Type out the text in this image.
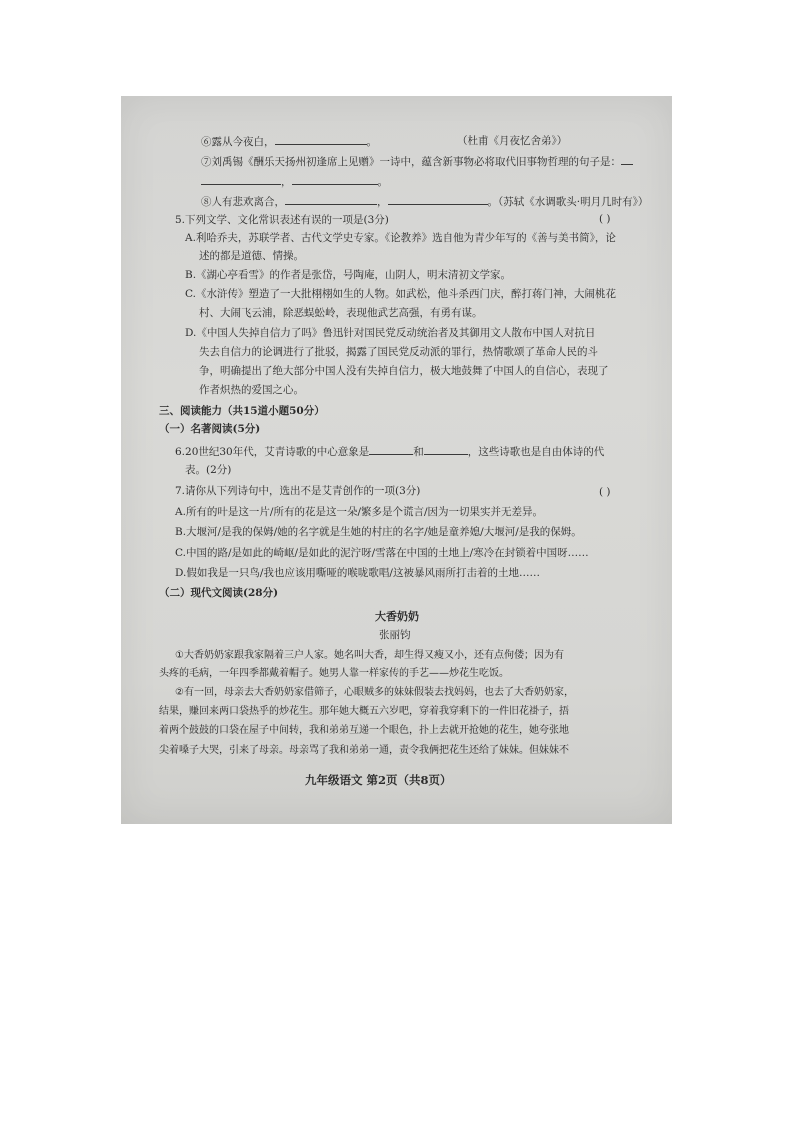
⑥露从今夜白，	。	（杜甫《月夜忆舍弟》）
⑦刘禹锡《酬乐天扬州初逢席上见赠》一诗中，蕴含新事物必将取代旧事物哲理的句子是：
，	。
⑧人有悲欢离合，	，	。（苏轼《水调歌头·明月几时有》）
5.下列文学、文化常识表述有误的一项是(3分)	( )
A.利哈乔夫，苏联学者、古代文学史专家。《论教养》选自他为青少年写的《善与美书简》，论
述的都是道德、情操。
B.《湖心亭看雪》的作者是张岱，号陶庵，山阴人，明末清初文学家。
C.《水浒传》塑造了一大批栩栩如生的人物。如武松，他斗杀西门庆，醉打蒋门神，大闹桃花
村、大闹飞云浦，除恶蜈蚣岭，表现他武艺高强，有勇有谋。
D.《中国人失掉自信力了吗》鲁迅针对国民党反动统治者及其御用文人散布中国人对抗日
失去自信力的论调进行了批驳，揭露了国民党反动派的罪行，热情歌颂了革命人民的斗
争，明确提出了绝大部分中国人没有失掉自信力，极大地鼓舞了中国人的自信心，表现了
作者炽热的爱国之心。
三、阅读能力（共15道小题50分）
（一）名著阅读(5分)
6.20世纪30年代，艾青诗歌的中心意象是	和	，这些诗歌也是自由体诗的代
表。(2分)
7.请你从下列诗句中，选出不是艾青创作的一项(3分)	( )
A.所有的叶是这一片/所有的花是这一朵/繁多是个谎言/因为一切果实并无差异。
B.大堰河/是我的保姆/她的名字就是生她的村庄的名字/她是童养媳/大堰河/是我的保姆。
C.中国的路/是如此的崎岖/是如此的泥泞呀/雪落在中国的土地上/寒冷在封锁着中国呀……
D.假如我是一只鸟/我也应该用嘶哑的喉咙歌唱/这被暴风雨所打击着的土地……
（二）现代文阅读(28分)
大香奶奶
张丽钧
①大香奶奶家跟我家隔着三户人家。她名叫大香，却生得又瘦又小，还有点佝偻；因为有
头疼的毛病，一年四季都戴着帽子。她男人靠一样家传的手艺——炒花生吃饭。
②有一回，母亲去大香奶奶家借筛子，心眼贼多的妹妹假装去找妈妈，也去了大香奶奶家，
结果，赚回来两口袋热乎的炒花生。那年她大概五六岁吧，穿着我穿剩下的一件旧花褂子，捂
着两个鼓鼓的口袋在屋子中间转，我和弟弟互递一个眼色，扑上去就开抢她的花生，她夸张地
尖着嗓子大哭，引来了母亲。母亲骂了我和弟弟一通，责令我俩把花生还给了妹妹。但妹妹不
九年级语文 第2页（共8页）
